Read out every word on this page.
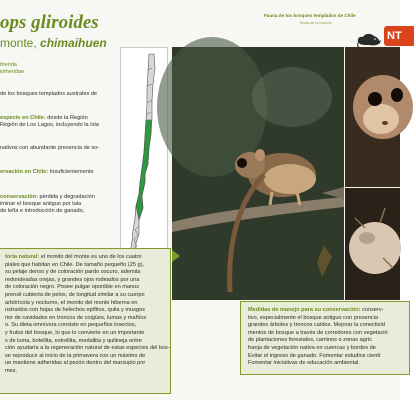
ops gliroides
monte, chimaihuen
Fauna de los bosques templados de Chile
fichas de la especie
NT
therida
iotheridae
de los bosques templados australes de
especie en Chile: desde la Región
Región de Los Lagos, incluyendo la Isla
nativos con abundante presencia de so-
ervación en Chile: Insuficientemente
conservación: pérdida y degradación
iminar el bosque antiguo por tala
de leña e introducción de ganado,
toria natural: el monito del monte es uno de los cuatro
piales que habitan en Chile. De tamaño pequeño (25 g),
su pelaje denso y de coloración pardo oscuro, además
redondeadas orejas, y grandes ojos rodeados por una
de coloración negro. Posee pulgar oponible en manos
prensil cubierta de pelos, de longitud similar a su cuerpo
arbórícola y nocturno, el monito del monte hiberna en
nstruidos con hojas de helechos epífitos, quila y musgos
rior de cavidades en troncos de coigües, lumas y mañíos
o. Su dieta omnívora consiste en pequeños insectos,
y frutos del bosque, lo que lo convierte en un importante
s de luma, botellita, estrellita, medallita y quilineja entre
ción ayudaría a la regeneración natural de estas especies del bos-
se reproducir al inicio de la primavera con un máximo de
ue mantiene adheridas al pezón dentro del marsupio por
mes.
Medidas de manejo para su conservación: conserv-
tivo, especialmente el bosque antiguo con presencia
grandes árboles y troncos caídos. Mejorar la conectivid
mentos de bosque a través de corredores con vegetació
de plantaciones forestales, caminos o zonas agríc
franja de vegetación nativa en cuencas y bordes de
Evitar el ingreso de ganado. Fomentar estudios cientí
Fomentar iniciativas de educación ambiental.
